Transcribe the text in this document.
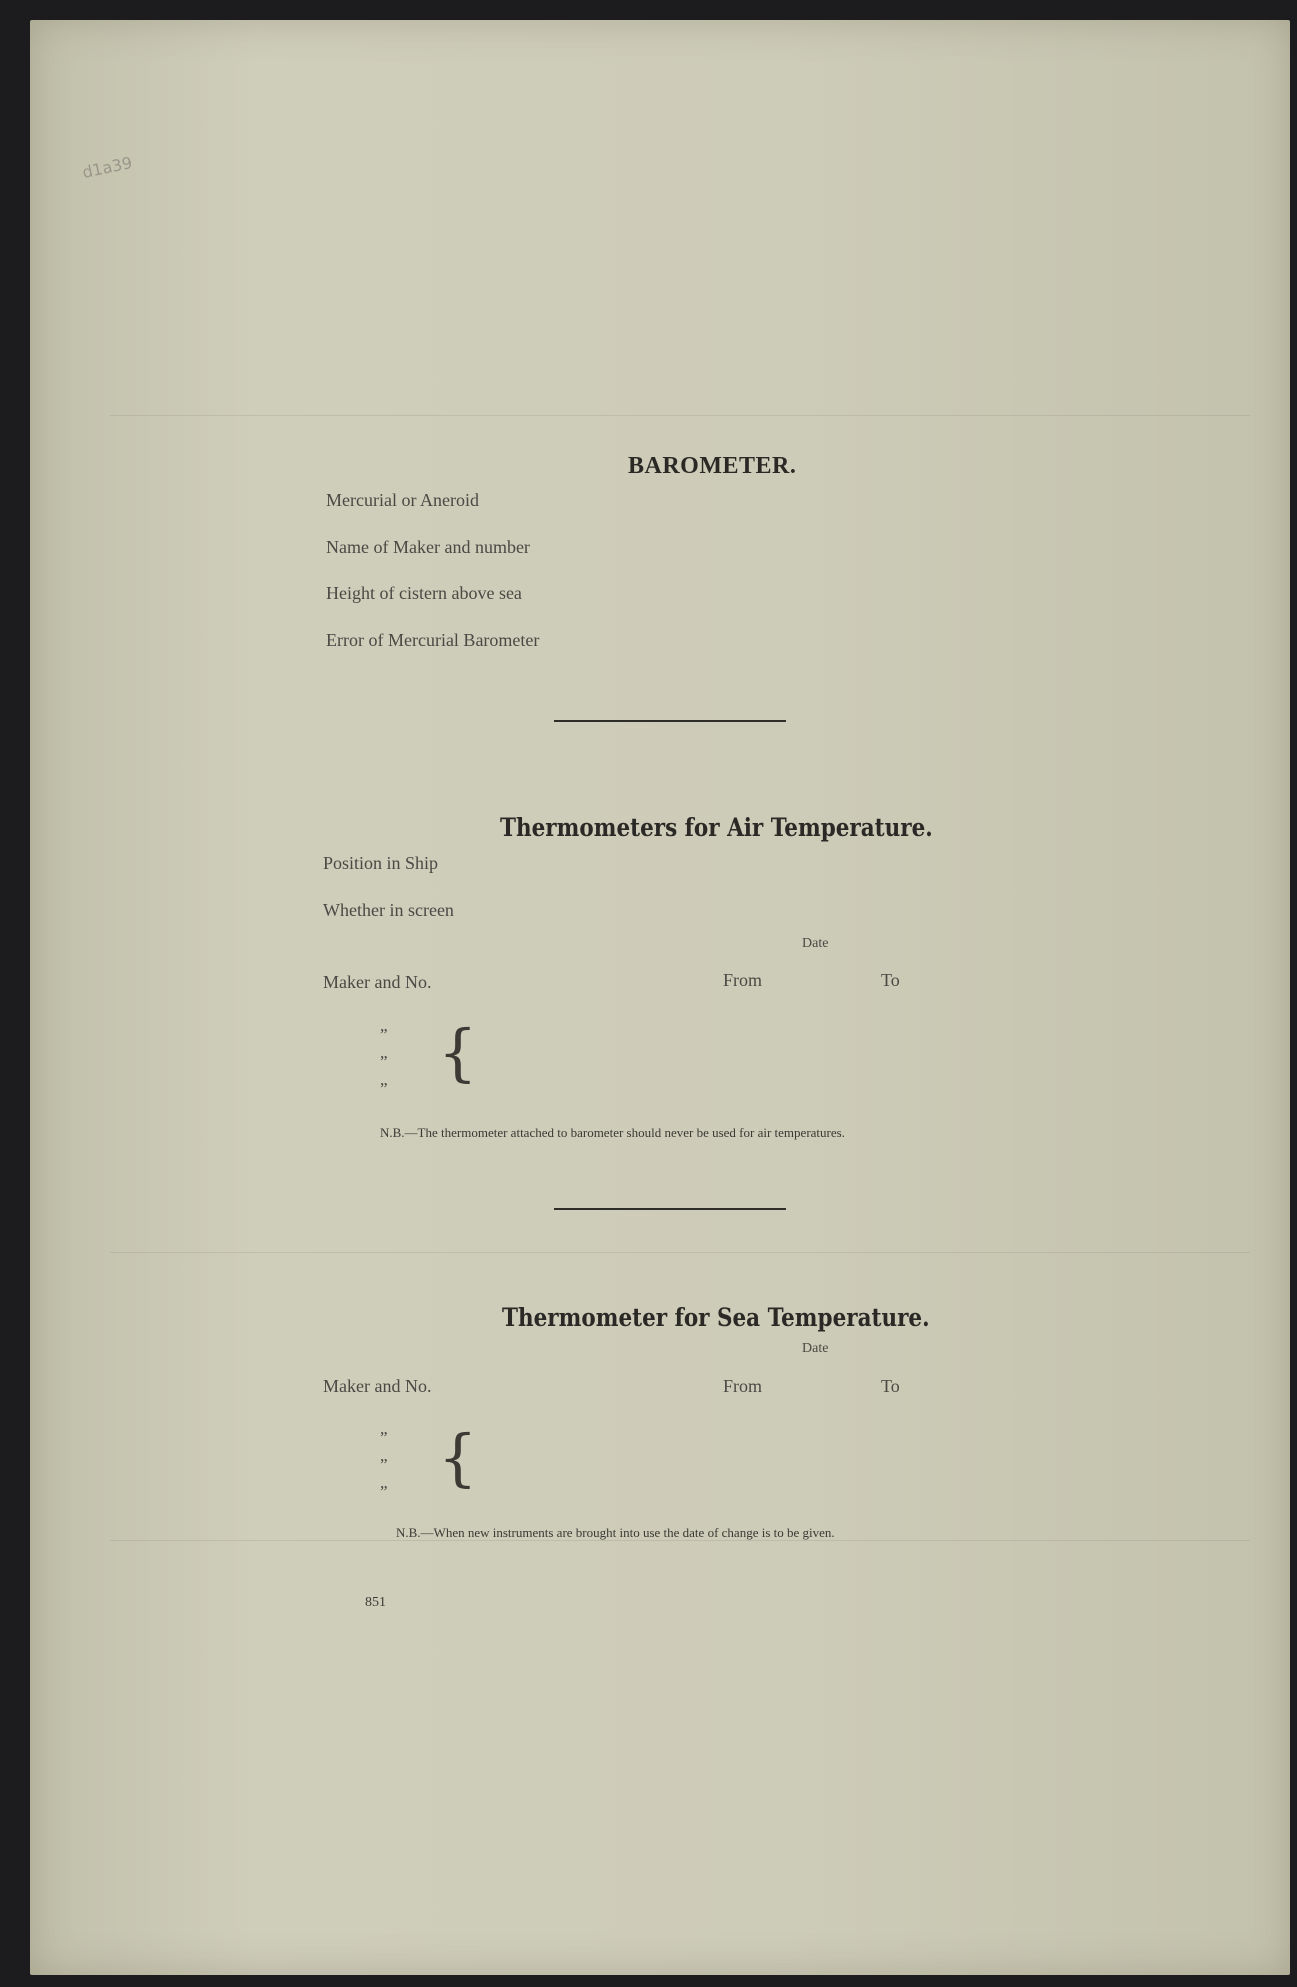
d1a39
BAROMETER.
Mercurial or Aneroid
Name of Maker and number
Height of cistern above sea
Error of Mercurial Barometer
Thermometers for Air Temperature.
Position in Ship
Whether in screen
Date
Maker and No.	From	To
”
”
” {
N.B.—The thermometer attached to barometer should never be used for air temperatures.
Thermometer for Sea Temperature.
Date
Maker and No.	From	To
”
”
” {
N.B.—When new instruments are brought into use the date of change is to be given.
851
